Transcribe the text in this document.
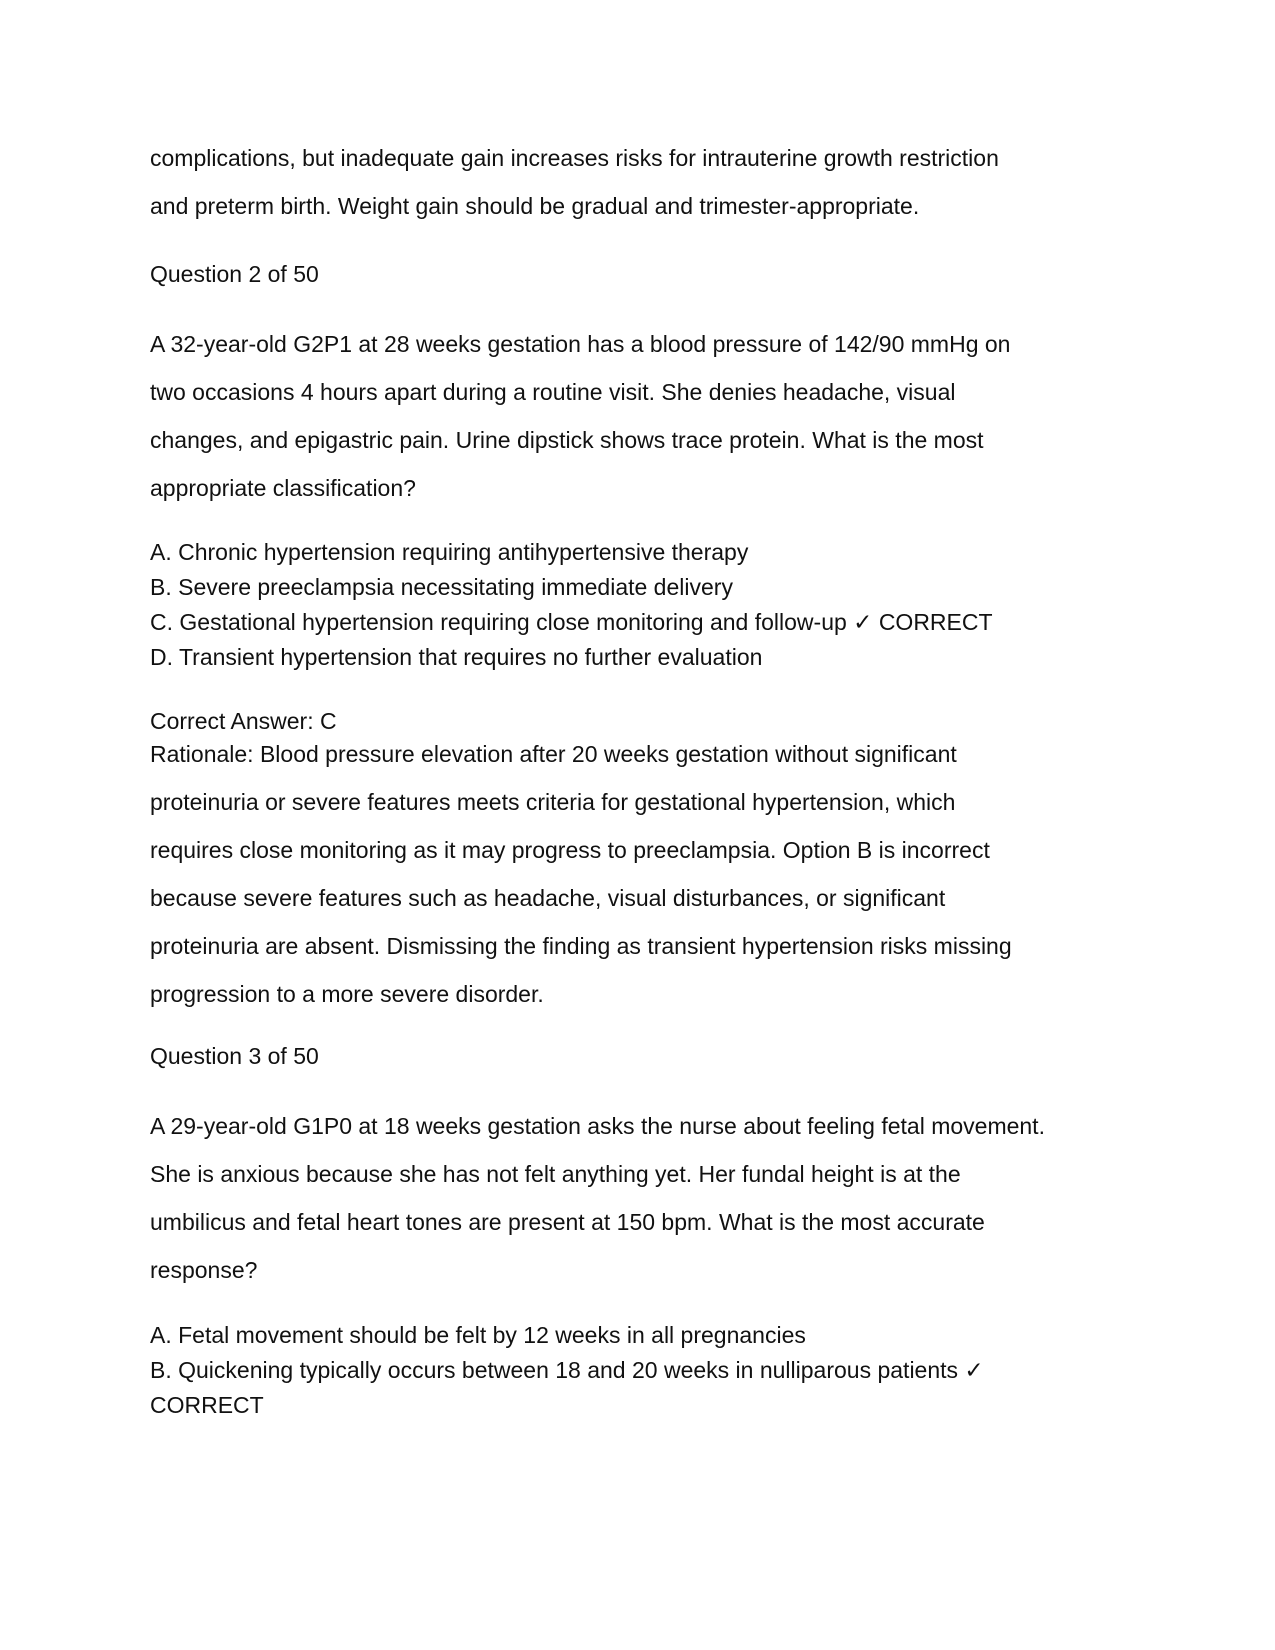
complications, but inadequate gain increases risks for intrauterine growth restriction
and preterm birth. Weight gain should be gradual and trimester-appropriate.
Question 2 of 50
A 32-year-old G2P1 at 28 weeks gestation has a blood pressure of 142/90 mmHg on
two occasions 4 hours apart during a routine visit. She denies headache, visual
changes, and epigastric pain. Urine dipstick shows trace protein. What is the most
appropriate classification?
A. Chronic hypertension requiring antihypertensive therapy
B. Severe preeclampsia necessitating immediate delivery
C. Gestational hypertension requiring close monitoring and follow-up ✓ CORRECT
D. Transient hypertension that requires no further evaluation
Correct Answer: C
Rationale: Blood pressure elevation after 20 weeks gestation without significant
proteinuria or severe features meets criteria for gestational hypertension, which
requires close monitoring as it may progress to preeclampsia. Option B is incorrect
because severe features such as headache, visual disturbances, or significant
proteinuria are absent. Dismissing the finding as transient hypertension risks missing
progression to a more severe disorder.
Question 3 of 50
A 29-year-old G1P0 at 18 weeks gestation asks the nurse about feeling fetal movement.
She is anxious because she has not felt anything yet. Her fundal height is at the
umbilicus and fetal heart tones are present at 150 bpm. What is the most accurate
response?
A. Fetal movement should be felt by 12 weeks in all pregnancies
B. Quickening typically occurs between 18 and 20 weeks in nulliparous patients ✓
CORRECT
